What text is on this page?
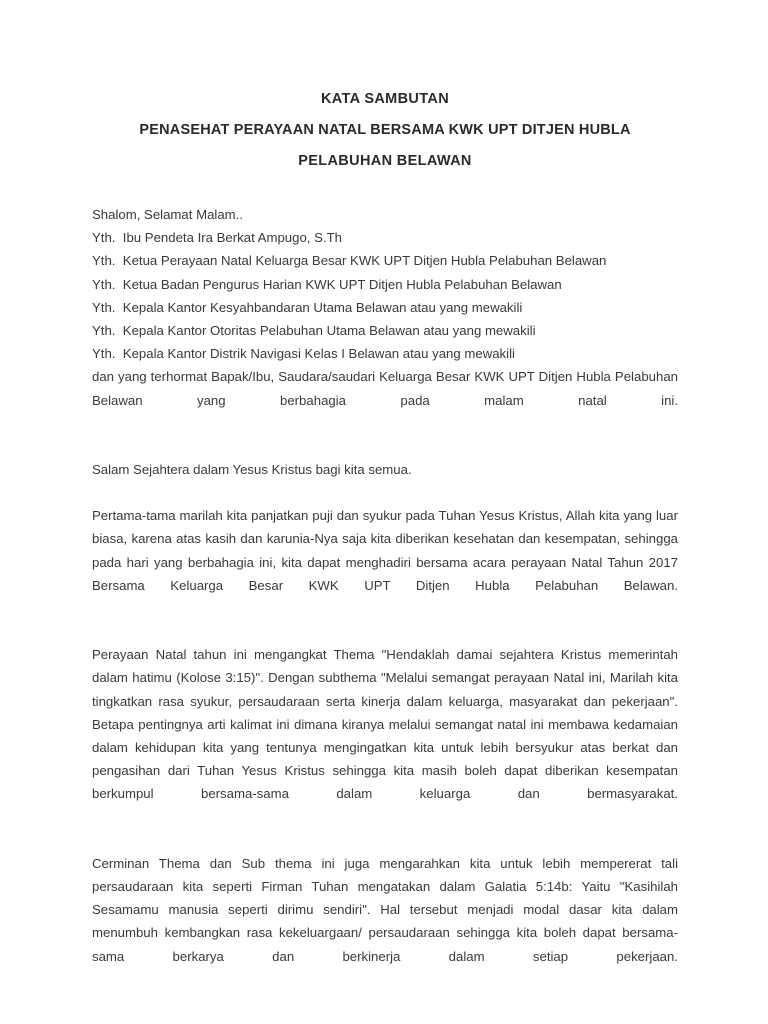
KATA SAMBUTAN
PENASEHAT PERAYAAN NATAL BERSAMA KWK UPT DITJEN HUBLA
PELABUHAN BELAWAN
Shalom, Selamat Malam..
Yth.  Ibu Pendeta Ira Berkat Ampugo, S.Th
Yth.  Ketua Perayaan Natal Keluarga Besar KWK UPT Ditjen Hubla Pelabuhan Belawan
Yth.  Ketua Badan Pengurus Harian KWK UPT Ditjen Hubla Pelabuhan Belawan
Yth.  Kepala Kantor Kesyahbandaran Utama Belawan atau yang mewakili
Yth.  Kepala Kantor Otoritas Pelabuhan Utama Belawan atau yang mewakili
Yth.  Kepala Kantor Distrik Navigasi Kelas I Belawan atau yang mewakili

dan yang terhormat Bapak/Ibu, Saudara/saudari Keluarga Besar KWK UPT Ditjen Hubla Pelabuhan Belawan yang berbahagia pada malam natal ini.

Salam Sejahtera dalam Yesus Kristus bagi kita semua.

Pertama-tama marilah kita panjatkan puji dan syukur pada Tuhan Yesus Kristus, Allah kita yang luar biasa, karena atas kasih dan karunia-Nya saja kita diberikan kesehatan dan kesempatan, sehingga pada hari yang berbahagia ini, kita dapat menghadiri bersama acara perayaan Natal Tahun 2017 Bersama Keluarga Besar KWK UPT Ditjen Hubla Pelabuhan Belawan.

Perayaan Natal tahun ini mengangkat Thema "Hendaklah damai sejahtera Kristus memerintah dalam hatimu (Kolose 3:15)". Dengan subthema "Melalui semangat perayaan Natal ini, Marilah kita tingkatkan rasa syukur, persaudaraan serta kinerja dalam keluarga, masyarakat dan pekerjaan". Betapa pentingnya arti kalimat ini dimana kiranya melalui semangat natal ini membawa kedamaian dalam kehidupan kita yang tentunya mengingatkan kita untuk lebih bersyukur atas berkat dan pengasihan dari Tuhan Yesus Kristus sehingga kita masih boleh dapat diberikan kesempatan berkumpul bersama-sama dalam keluarga dan bermasyarakat.

Cerminan Thema dan Sub thema ini juga mengarahkan kita untuk lebih mempererat tali persaudaraan kita seperti Firman Tuhan mengatakan dalam Galatia 5:14b: Yaitu "Kasihilah Sesamamu manusia seperti dirimu sendiri". Hal tersebut menjadi modal dasar kita dalam menumbuh kembangkan rasa kekeluargaan/ persaudaraan sehingga kita boleh dapat bersama-sama berkarya dan berkinerja dalam setiap pekerjaan.
